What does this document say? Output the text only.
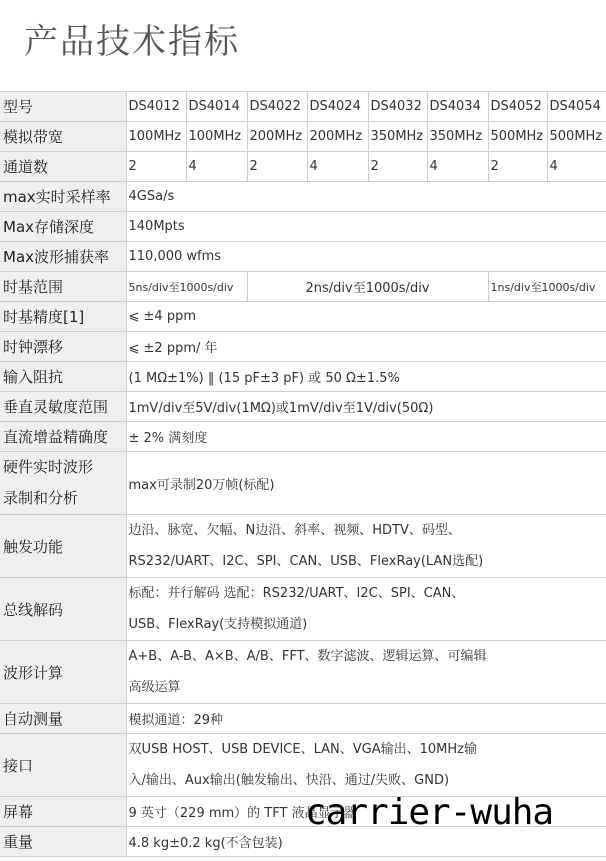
产品技术指标
型号	DS4012	DS4014	DS4022	DS4024	DS4032	DS4034	DS4052	DS4054
模拟带宽	100MHz	100MHz	200MHz	200MHz	350MHz	350MHz	500MHz	500MHz
通道数	2	4	2	4	2	4	2	4
max实时采样率	4GSa/s							
Max存储深度	140Mpts							
Max波形捕获率	110,000 wfms							
时基范围	5ns/div至1000s/div		2ns/div至1000s/div				1ns/div至1000s/div	
时基精度[1]	⩽ ±4 ppm							
时钟漂移	⩽ ±2 ppm/ 年							
输入阻抗	(1 MΩ±1%) ‖ (15 pF±3 pF) 或 50 Ω±1.5%							
垂直灵敏度范围	1mV/div至5V/div(1MΩ)或1mV/div至1V/div(50Ω)							
直流增益精确度	± 2% 满刻度							

硬件实时波形
录制和分析	max可录制20万帧(标配)							
触发功能	边沿、脉宽、欠幅、N边沿、斜率、视频、HDTV、码型、
RS232/UART、I2C、SPI、CAN、USB、FlexRay(LAN选配)							

总线解码	标配：并行解码 选配：RS232/UART、I2C、SPI、CAN、
USB、FlexRay(支持模拟通道)							

波形计算	A+B、A-B、A×B、A/B、FFT、数字滤波、逻辑运算、可编辑
高级运算							

自动测量	模拟通道：29种							
接口	双USB HOST、USB DEVICE、LAN、VGA输出、10MHz输
入/输出、Aux输出(触发输出、快沿、通过/失败、GND)							

屏幕	9 英寸（229 mm）的 TFT 液晶显示器							
重量	4.8 kg±0.2 kg(不含包装)							
carrier-wuha
